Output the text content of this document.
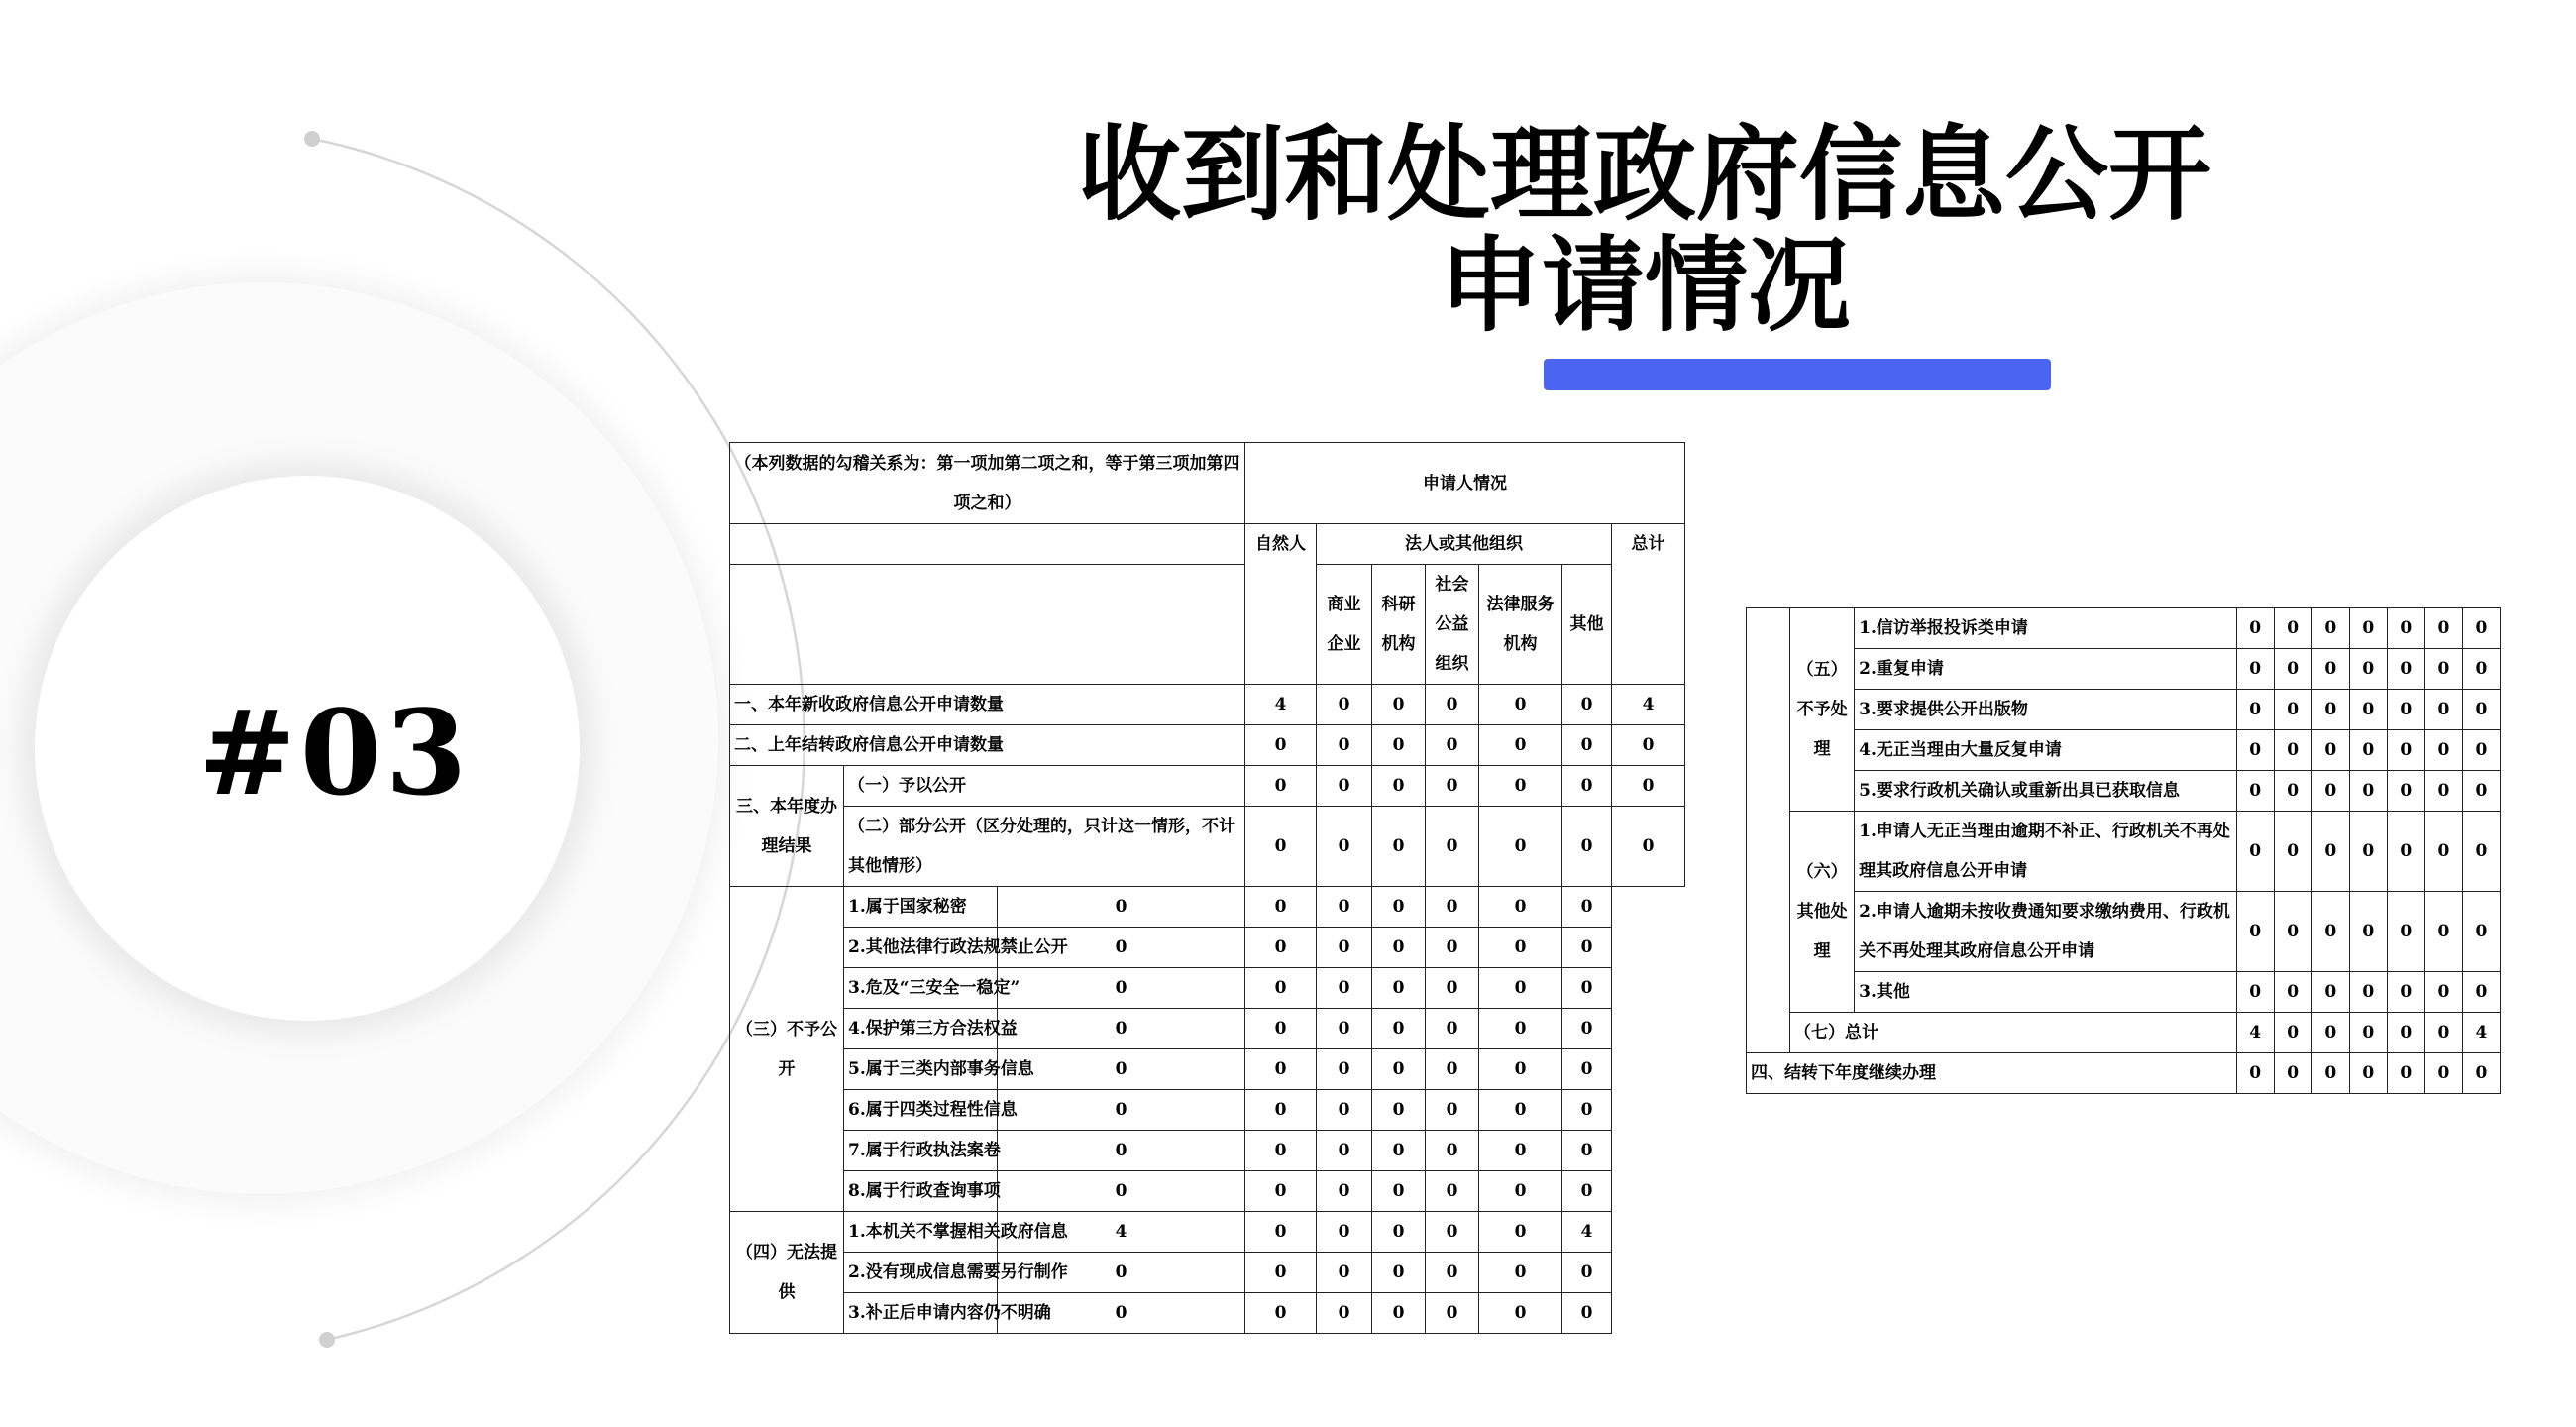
#03
收到和处理政府信息公开
申请情况
（本列数据的勾稽关系为：第一项加第二项之和，等于第三项加第四项之和）			申请人情况						
			自然人	法人或其他组织					总计
				商业企业	科研机构	社会公益组织	法律服务机构	其他	
一、本年新收政府信息公开申请数量			4	0	0	0	0	0	4
二、上年结转政府信息公开申请数量			0	0	0	0	0	0	0
三、本年度办理结果	（一）予以公开		0	0	0	0	0	0	0
	（二）部分公开（区分处理的，只计这一情形，不计其他情形）		0	0	0	0	0	0	0
（三）不予公开	1.属于国家秘密	0	0	0	0	0	0	0	
	2.其他法律行政法规禁止公开	0	0	0	0	0	0	0	
	3.危及“三安全一稳定”	0	0	0	0	0	0	0	
	4.保护第三方合法权益	0	0	0	0	0	0	0	
	5.属于三类内部事务信息	0	0	0	0	0	0	0	
	6.属于四类过程性信息	0	0	0	0	0	0	0	
	7.属于行政执法案卷	0	0	0	0	0	0	0	
	8.属于行政查询事项	0	0	0	0	0	0	0	
（四）无法提供	1.本机关不掌握相关政府信息	4	0	0	0	0	0	4	
	2.没有现成信息需要另行制作	0	0	0	0	0	0	0	
	3.补正后申请内容仍不明确	0	0	0	0	0	0	0	
	（五）不予处理	1.信访举报投诉类申请	0	0	0	0	0	0	0
		2.重复申请	0	0	0	0	0	0	0
		3.要求提供公开出版物	0	0	0	0	0	0	0
		4.无正当理由大量反复申请	0	0	0	0	0	0	0
		5.要求行政机关确认或重新出具已获取信息	0	0	0	0	0	0	0
	（六）其他处理	1.申请人无正当理由逾期不补正、行政机关不再处理其政府信息公开申请	0	0	0	0	0	0	0
		2.申请人逾期未按收费通知要求缴纳费用、行政机关不再处理其政府信息公开申请	0	0	0	0	0	0	0
		3.其他	0	0	0	0	0	0	0
	（七）总计		4	0	0	0	0	0	4
四、结转下年度继续办理			0	0	0	0	0	0	0
